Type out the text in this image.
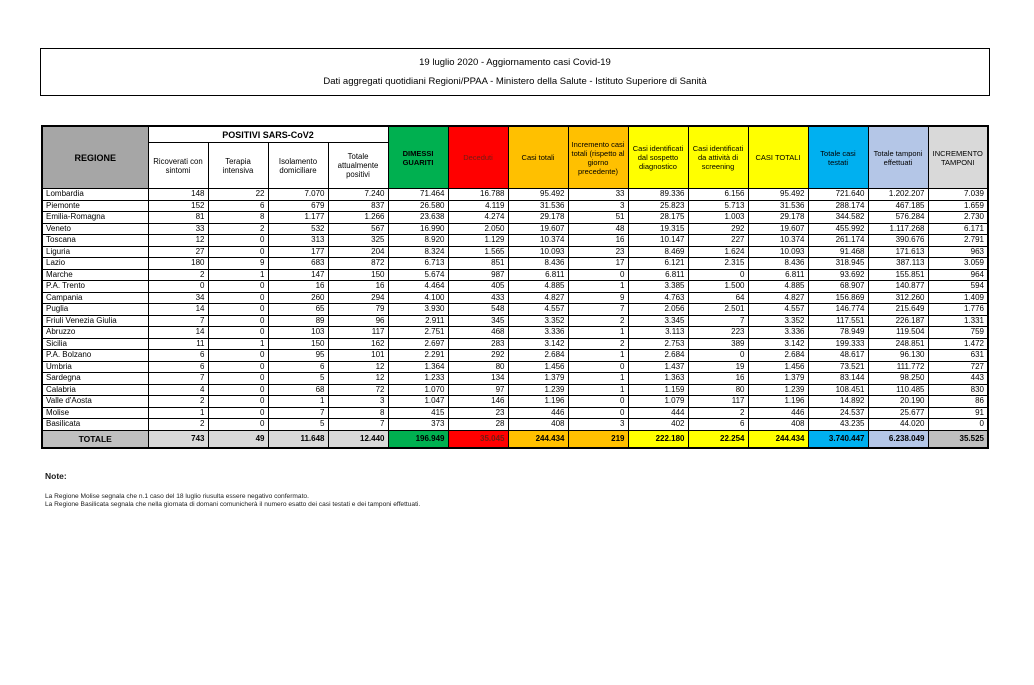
19 luglio 2020 - Aggiornamento casi Covid-19
Dati aggregati quotidiani Regioni/PPAA - Ministero della Salute - Istituto Superiore di Sanità
REGIONE	POSITIVI SARS-CoV2				DIMESSI GUARITI	Deceduti	Casi totali	Incremento casi totali (rispetto al giorno precedente)	Casi identificati dal sospetto diagnostico	Casi identificati da attività di screening	CASI TOTALI	Totale casi testati	Totale tamponi effettuati	INCREMENTO TAMPONI
	Ricoverati con sintomi	Terapia intensiva	Isolamento domiciliare	Totale attualmente positivi										
Lombardia	148	22	7.070	7.240	71.464	16.788	95.492	33	89.336	6.156	95.492	721.640	1.202.207	7.039
Piemonte	152	6	679	837	26.580	4.119	31.536	3	25.823	5.713	31.536	288.174	467.185	1.659
Emilia-Romagna	81	8	1.177	1.266	23.638	4.274	29.178	51	28.175	1.003	29.178	344.582	576.284	2.730
Veneto	33	2	532	567	16.990	2.050	19.607	48	19.315	292	19.607	455.992	1.117.268	6.171
Toscana	12	0	313	325	8.920	1.129	10.374	16	10.147	227	10.374	261.174	390.676	2.791
Liguria	27	0	177	204	8.324	1.565	10.093	23	8.469	1.624	10.093	91.468	171.613	963
Lazio	180	9	683	872	6.713	851	8.436	17	6.121	2.315	8.436	318.945	387.113	3.059
Marche	2	1	147	150	5.674	987	6.811	0	6.811	0	6.811	93.692	155.851	964
P.A. Trento	0	0	16	16	4.464	405	4.885	1	3.385	1.500	4.885	68.907	140.877	594
Campania	34	0	260	294	4.100	433	4.827	9	4.763	64	4.827	156.869	312.260	1.409
Puglia	14	0	65	79	3.930	548	4.557	7	2.056	2.501	4.557	146.774	215.649	1.776
Friuli Venezia Giulia	7	0	89	96	2.911	345	3.352	2	3.345	7	3.352	117.551	226.187	1.331
Abruzzo	14	0	103	117	2.751	468	3.336	1	3.113	223	3.336	78.949	119.504	759
Sicilia	11	1	150	162	2.697	283	3.142	2	2.753	389	3.142	199.333	248.851	1.472
P.A. Bolzano	6	0	95	101	2.291	292	2.684	1	2.684	0	2.684	48.617	96.130	631
Umbria	6	0	6	12	1.364	80	1.456	0	1.437	19	1.456	73.521	111.772	727
Sardegna	7	0	5	12	1.233	134	1.379	1	1.363	16	1.379	83.144	98.250	443
Calabria	4	0	68	72	1.070	97	1.239	1	1.159	80	1.239	108.451	110.485	830
Valle d'Aosta	2	0	1	3	1.047	146	1.196	0	1.079	117	1.196	14.892	20.190	86
Molise	1	0	7	8	415	23	446	0	444	2	446	24.537	25.677	91
Basilicata	2	0	5	7	373	28	408	3	402	6	408	43.235	44.020	0
TOTALE	743	49	11.648	12.440	196.949	35.045	244.434	219	222.180	22.254	244.434	3.740.447	6.238.049	35.525
Note:
La Regione Molise segnala che n.1 caso del 18 luglio riusulta essere negativo confermato.
La Regione Basilicata segnala che nella giornata di domani comunicherà il numero esatto dei casi testati e dei tamponi effettuati.
